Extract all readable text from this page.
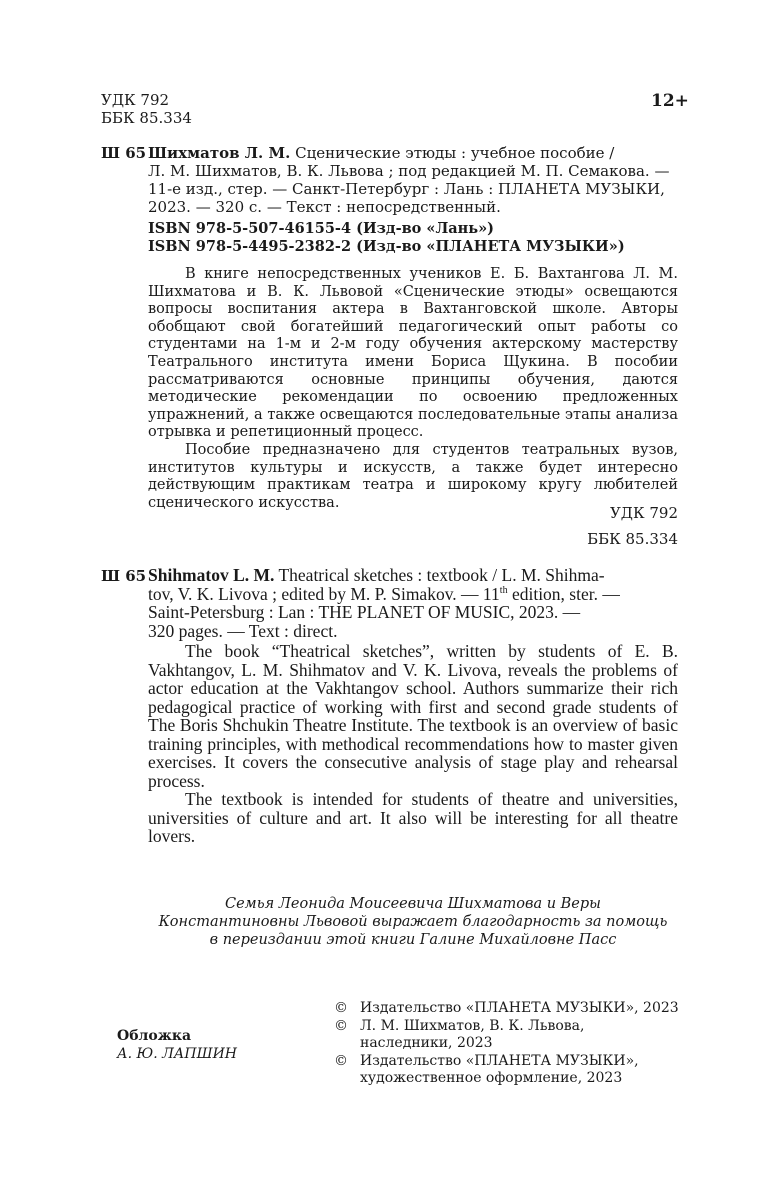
УДК 792
ББК 85.334
12+
Ш 65 Шихматов Л. М. Сценические этюды : учебное пособие /
Л. М. Шихматов, В. К. Львова ; под редакцией М. П. Семакова. —
11-е изд., стер. — Санкт-Петербург : Лань : ПЛАНЕТА МУЗЫКИ,
2023. — 320 с. — Текст : непосредственный.
ISBN 978-5-507-46155-4 (Изд-во «Лань»)
ISBN 978-5-4495-2382-2 (Изд-во «ПЛАНЕТА МУЗЫКИ»)

В книге непосредственных учеников Е. Б. Вахтангова Л. М. Шихматова и В. К. Львовой «Сценические этюды» освещаются вопросы воспитания актера в Вахтанговской школе. Авторы обобщают свой богатейший педагогический опыт работы со студентами на 1-м и 2-м году обучения актерскому мастерству Театрального института имени Бориса Щукина. В пособии рассматриваются основные принципы обучения, даются методические рекомендации по освоению предложенных упражнений, а также освещаются последовательные этапы анализа отрывка и репетиционный процесс.

Пособие предназначено для студентов театральных вузов, институтов культуры и искусств, а также будет интересно действующим практикам театра и широкому кругу любителей сценического искусства.

УДК 792
ББК 85.334
Ш 65 Shihmatov L. M. Theatrical sketches : textbook / L. M. Shihma-
tov, V. K. Livova ; edited by M. P. Simakov. — 11th edition, ster. —
Saint-Petersburg : Lan : THE PLANET OF MUSIC, 2023. —
320 pages. — Text : direct.

The book “Theatrical sketches”, written by students of E. B. Vakhtangov, L. M. Shihmatov and V. K. Livova, reveals the problems of actor education at the Vakhtangov school. Authors summarize their rich pedagogical practice of working with first and second grade students of The Boris Shchukin Theatre Institute. The textbook is an overview of basic training principles, with methodical recommendations how to master given exercises. It covers the consecutive analysis of stage play and rehearsal process.

The textbook is intended for students of theatre and universities, universities of culture and art. It also will be interesting for all theatre lovers.

Семья Леонида Моисеевича Шихматова и Веры
Константиновны Львовой выражает благодарность за помощь
в переиздании этой книги Галине Михайловне Пасс
Обложка
А. Ю. ЛАПШИН
© Издательство «ПЛАНЕТА МУЗЫКИ», 2023
© Л. М. Шихматов, В. К. Львова,
наследники, 2023
© Издательство «ПЛАНЕТА МУЗЫКИ»,
художественное оформление, 2023
